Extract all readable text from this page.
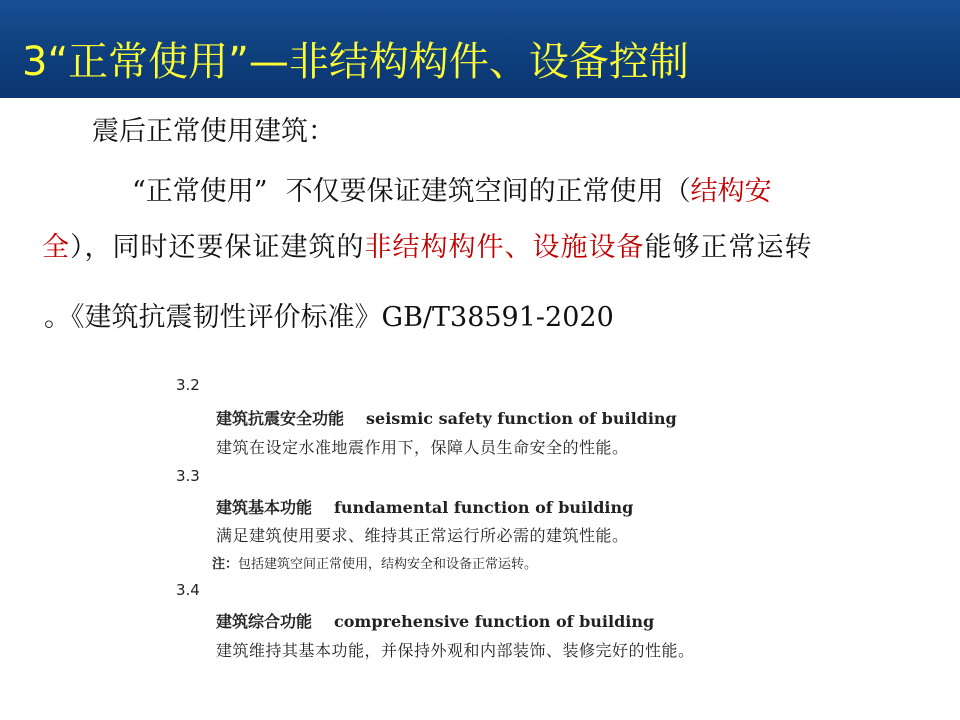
3“正常使用”—非结构构件、设备控制
震后正常使用建筑：
“正常使用” 不仅要保证建筑空间的正常使用（结构安
全），同时还要保证建筑的非结构构件、设施设备能够正常运转
。《建筑抗震韧性评价标准》GB/T38591-2020
3.2
建筑抗震安全功能 seismic safety function of building
建筑在设定水准地震作用下，保障人员生命安全的性能。
3.3
建筑基本功能 fundamental function of building
满足建筑使用要求、维持其正常运行所必需的建筑性能。
注：包括建筑空间正常使用，结构安全和设备正常运转。
3.4
建筑综合功能 comprehensive function of building
建筑维持其基本功能，并保持外观和内部装饰、装修完好的性能。
